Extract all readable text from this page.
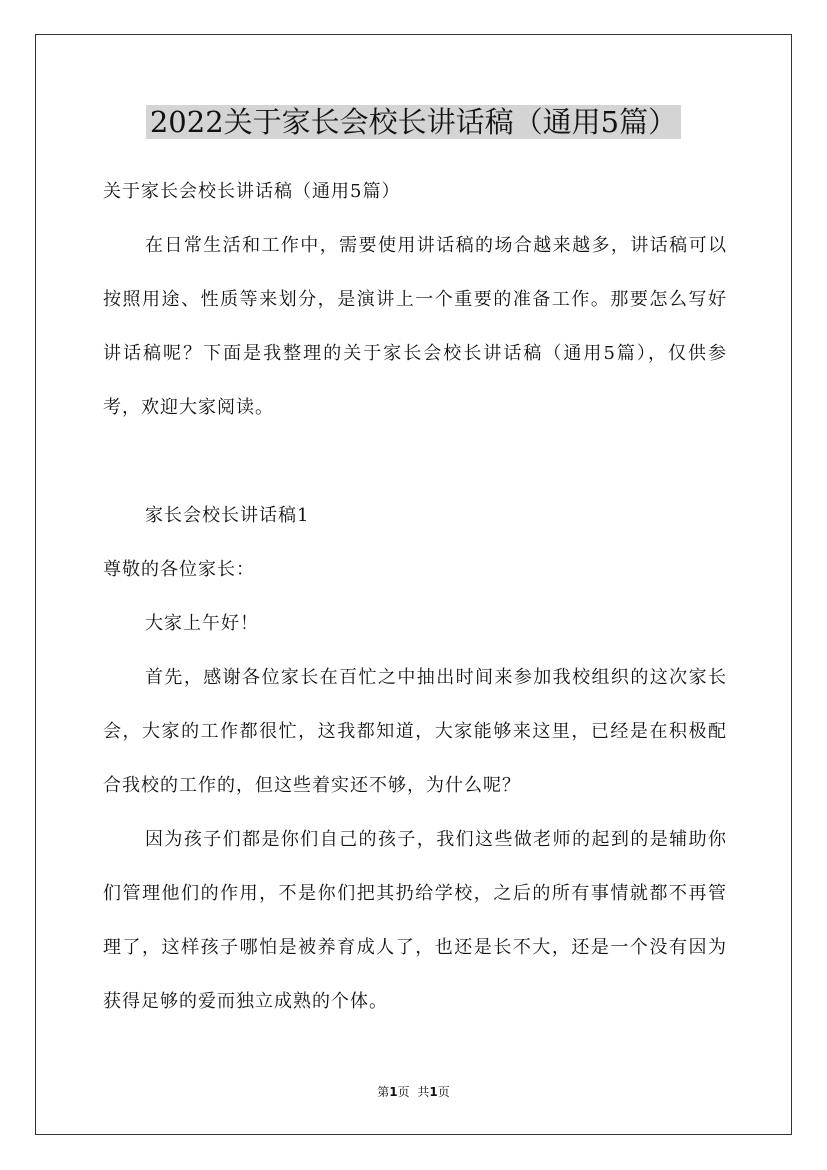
2022关于家长会校长讲话稿（通用5篇）

关于家长会校长讲话稿（通用5篇）

在日常生活和工作中，需要使用讲话稿的场合越来越多，讲话稿可以按照用途、性质等来划分，是演讲上一个重要的准备工作。那要怎么写好讲话稿呢？下面是我整理的关于家长会校长讲话稿（通用5篇），仅供参考，欢迎大家阅读。

家长会校长讲话稿1

尊敬的各位家长：

大家上午好！

首先，感谢各位家长在百忙之中抽出时间来参加我校组织的这次家长会，大家的工作都很忙，这我都知道，大家能够来这里，已经是在积极配合我校的工作的，但这些着实还不够，为什么呢？

因为孩子们都是你们自己的孩子，我们这些做老师的起到的是辅助你们管理他们的作用，不是你们把其扔给学校，之后的所有事情就都不再管理了，这样孩子哪怕是被养育成人了，也还是长不大，还是一个没有因为获得足够的爱而独立成熟的个体。

第1页 共1页
